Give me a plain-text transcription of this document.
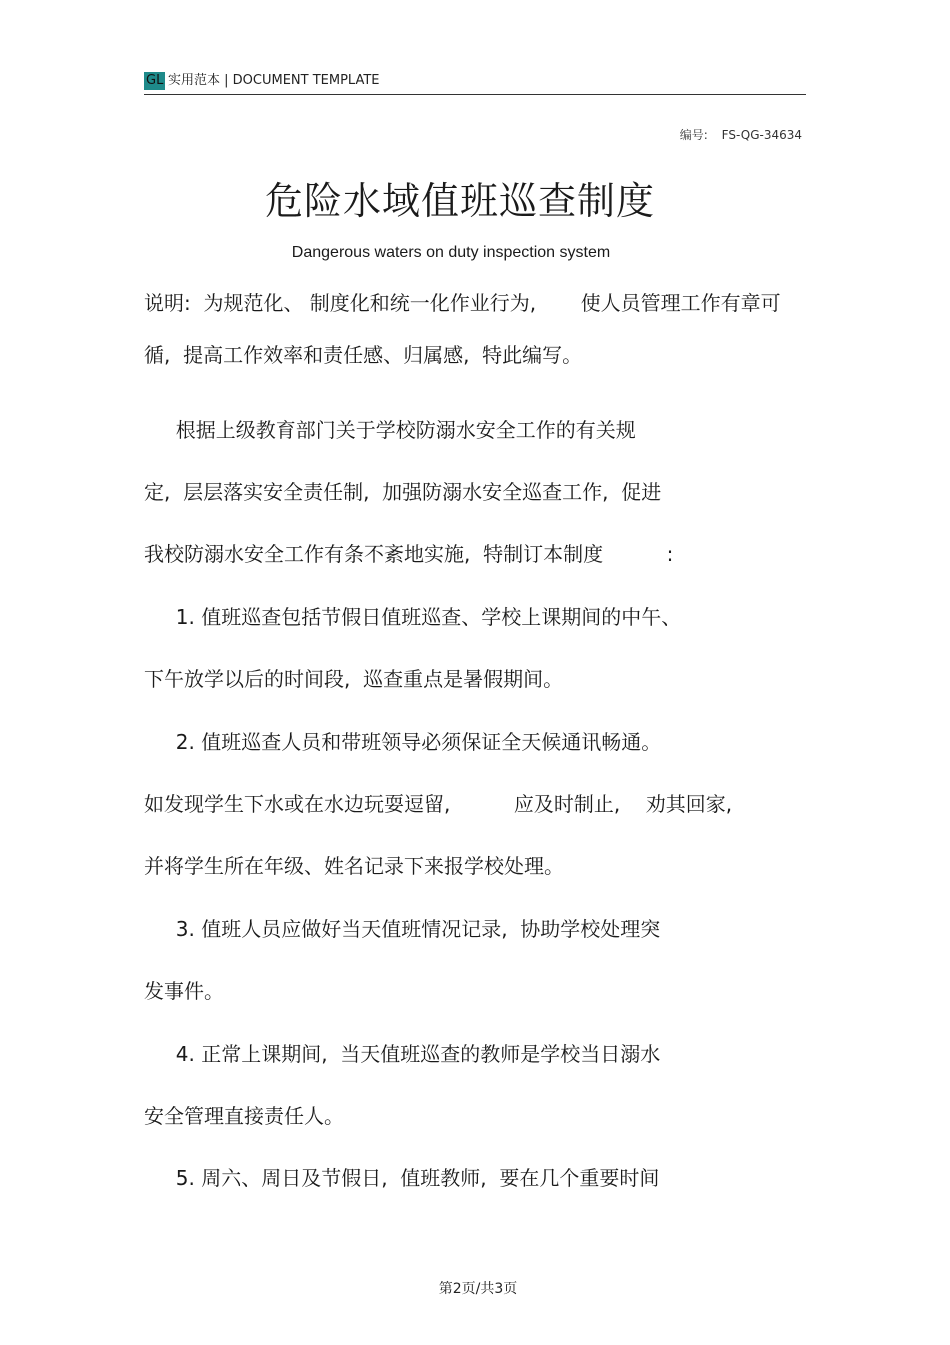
GL 实用范本 | DOCUMENT TEMPLATE
编号: FS-QG-34634
危险水域值班巡查制度
Dangerous waters on duty inspection system
说明:  为规范化、 制度化和统一化作业行为,       使人员管理工作有章可
循,  提高工作效率和责任感、归属感,  特此编写。
根据上级教育部门关于学校防溺水安全工作的有关规
定,  层层落实安全责任制,  加强防溺水安全巡查工作,  促进
我校防溺水安全工作有条不紊地实施,  特制订本制度          :
1. 值班巡查包括节假日值班巡查、学校上课期间的中午、
下午放学以后的时间段,  巡查重点是暑假期间。
2. 值班巡查人员和带班领导必须保证全天候通讯畅通。
如发现学生下水或在水边玩耍逗留,          应及时制止,    劝其回家,
并将学生所在年级、姓名记录下来报学校处理。
3. 值班人员应做好当天值班情况记录,  协助学校处理突
发事件。
4. 正常上课期间,  当天值班巡查的教师是学校当日溺水
安全管理直接责任人。
5. 周六、周日及节假日,  值班教师,  要在几个重要时间
第2页/共3页
